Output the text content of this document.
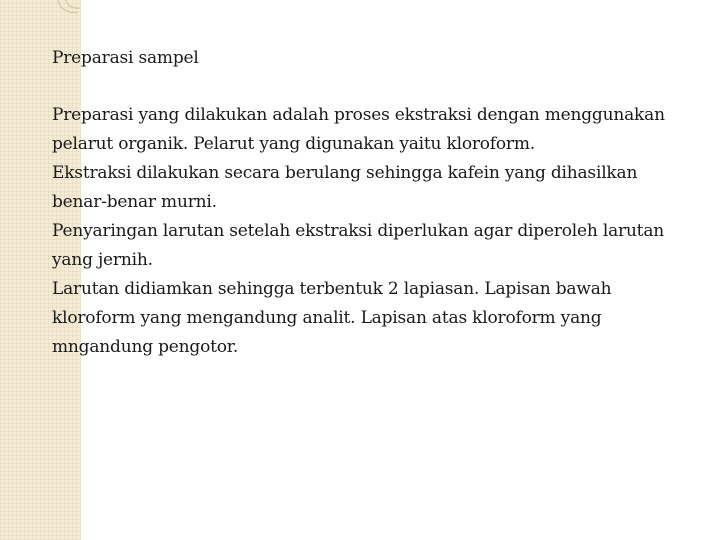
Preparasi sampel

Preparasi yang dilakukan adalah proses ekstraksi dengan menggunakan pelarut organik. Pelarut yang digunakan yaitu kloroform.

Ekstraksi dilakukan secara berulang sehingga kafein yang dihasilkan benar-benar murni.

Penyaringan larutan setelah ekstraksi diperlukan agar diperoleh larutan yang jernih.

Larutan didiamkan sehingga terbentuk 2 lapiasan. Lapisan bawah kloroform yang mengandung analit. Lapisan atas kloroform yang mngandung pengotor.
